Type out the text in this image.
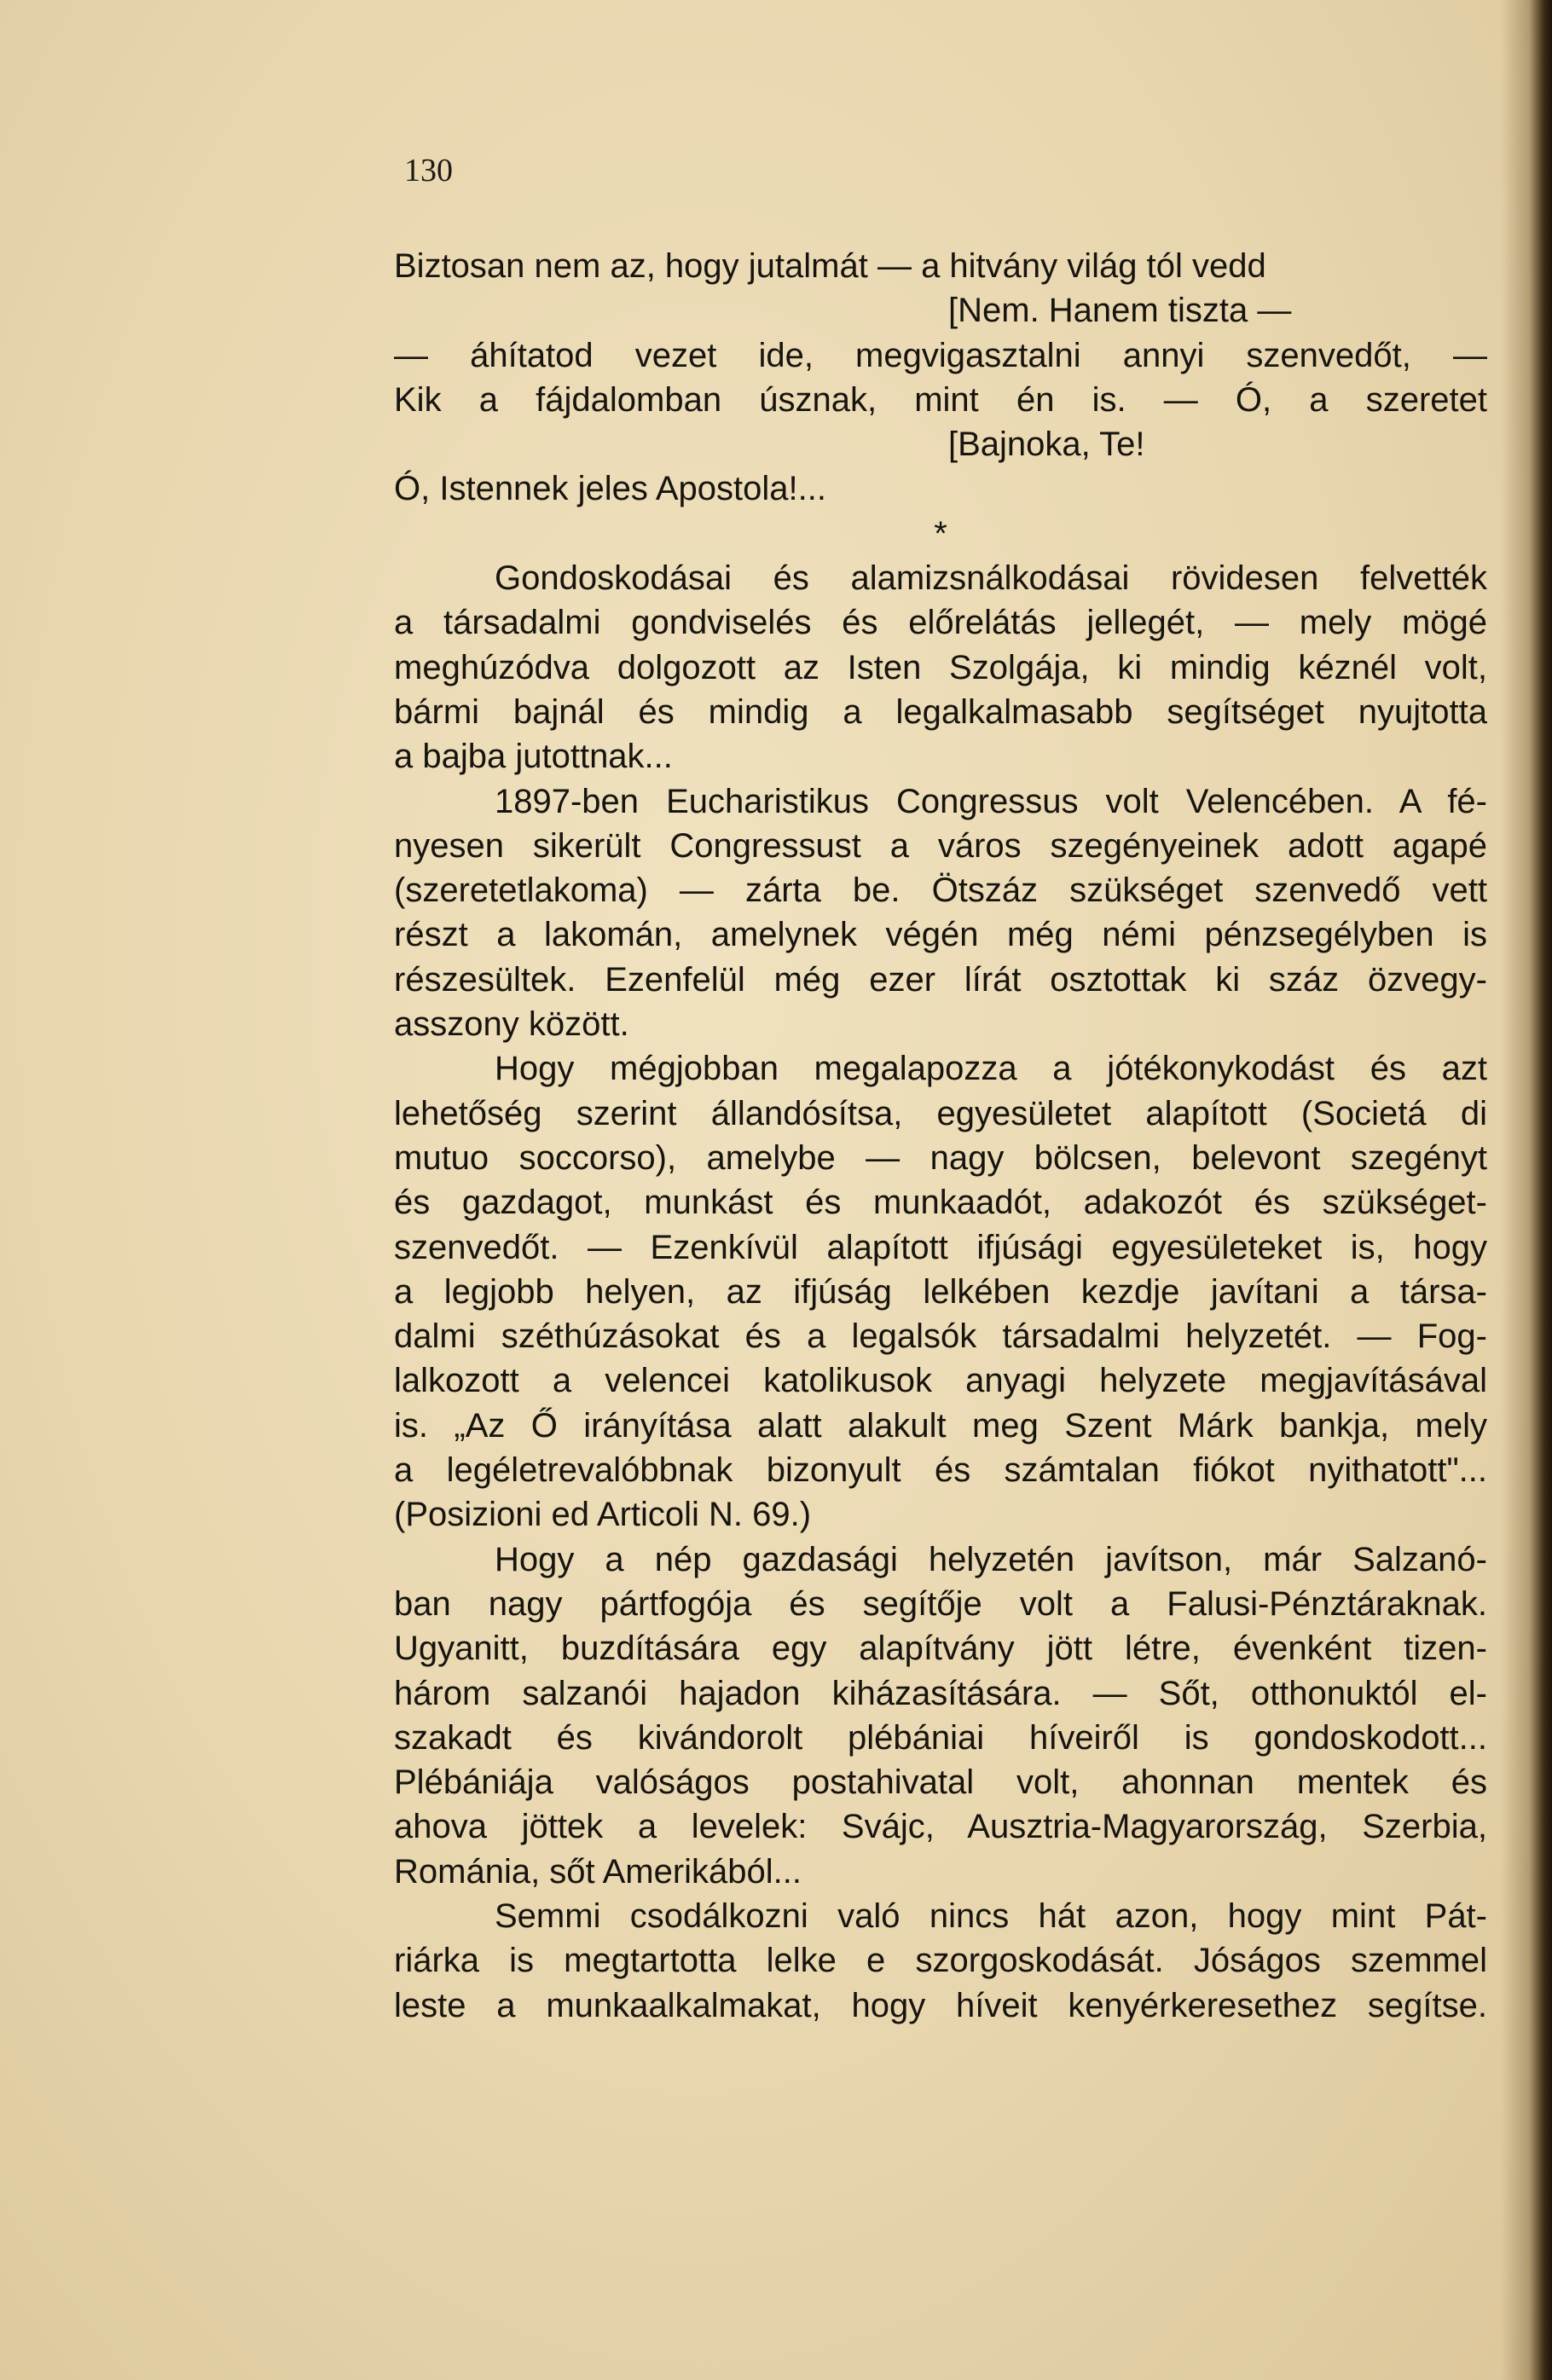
130
Biztosan nem az, hogy jutalmát — a hitvány világ tól vedd
[Nem. Hanem tiszta —
— áhítatod vezet ide, megvigasztalni annyi szenvedőt, —
Kik a fájdalomban úsznak, mint én is. — Ó, a szeretet
[Bajnoka, Te!
Ó, Istennek jeles Apostola!...
*
Gondoskodásai és alamizsnálkodásai rövidesen felvették
a társadalmi gondviselés és előrelátás jellegét, — mely mögé
meghúzódva dolgozott az Isten Szolgája, ki mindig kéznél volt,
bármi bajnál és mindig a legalkalmasabb segítséget nyujtotta
a bajba jutottnak...
1897-ben Eucharistikus Congressus volt Velencében. A fé-
nyesen sikerült Congressust a város szegényeinek adott agapé
(szeretetlakoma) — zárta be. Ötszáz szükséget szenvedő vett
részt a lakomán, amelynek végén még némi pénzsegélyben is
részesültek. Ezenfelül még ezer lírát osztottak ki száz özvegy-
asszony között.
Hogy mégjobban megalapozza a jótékonykodást és azt
lehetőség szerint állandósítsa, egyesületet alapított (Societá di
mutuo soccorso), amelybe — nagy bölcsen, belevont szegényt
és gazdagot, munkást és munkaadót, adakozót és szükséget-
szenvedőt. — Ezenkívül alapított ifjúsági egyesületeket is, hogy
a legjobb helyen, az ifjúság lelkében kezdje javítani a társa-
dalmi széthúzásokat és a legalsók társadalmi helyzetét. — Fog-
lalkozott a velencei katolikusok anyagi helyzete megjavításával
is. „Az Ő irányítása alatt alakult meg Szent Márk bankja, mely
a legéletrevalóbbnak bizonyult és számtalan fiókot nyithatott"...
(Posizioni ed Articoli N. 69.)
Hogy a nép gazdasági helyzetén javítson, már Salzanó-
ban nagy pártfogója és segítője volt a Falusi-Pénztáraknak.
Ugyanitt, buzdítására egy alapítvány jött létre, évenként tizen-
három salzanói hajadon kiházasítására. — Sőt, otthonuktól el-
szakadt és kivándorolt plébániai híveiről is gondoskodott...
Plébániája valóságos postahivatal volt, ahonnan mentek és
ahova jöttek a levelek: Svájc, Ausztria-Magyarország, Szerbia,
Románia, sőt Amerikából...
Semmi csodálkozni való nincs hát azon, hogy mint Pát-
riárka is megtartotta lelke e szorgoskodását. Jóságos szemmel
leste a munkaalkalmakat, hogy híveit kenyérkeresethez segítse.
